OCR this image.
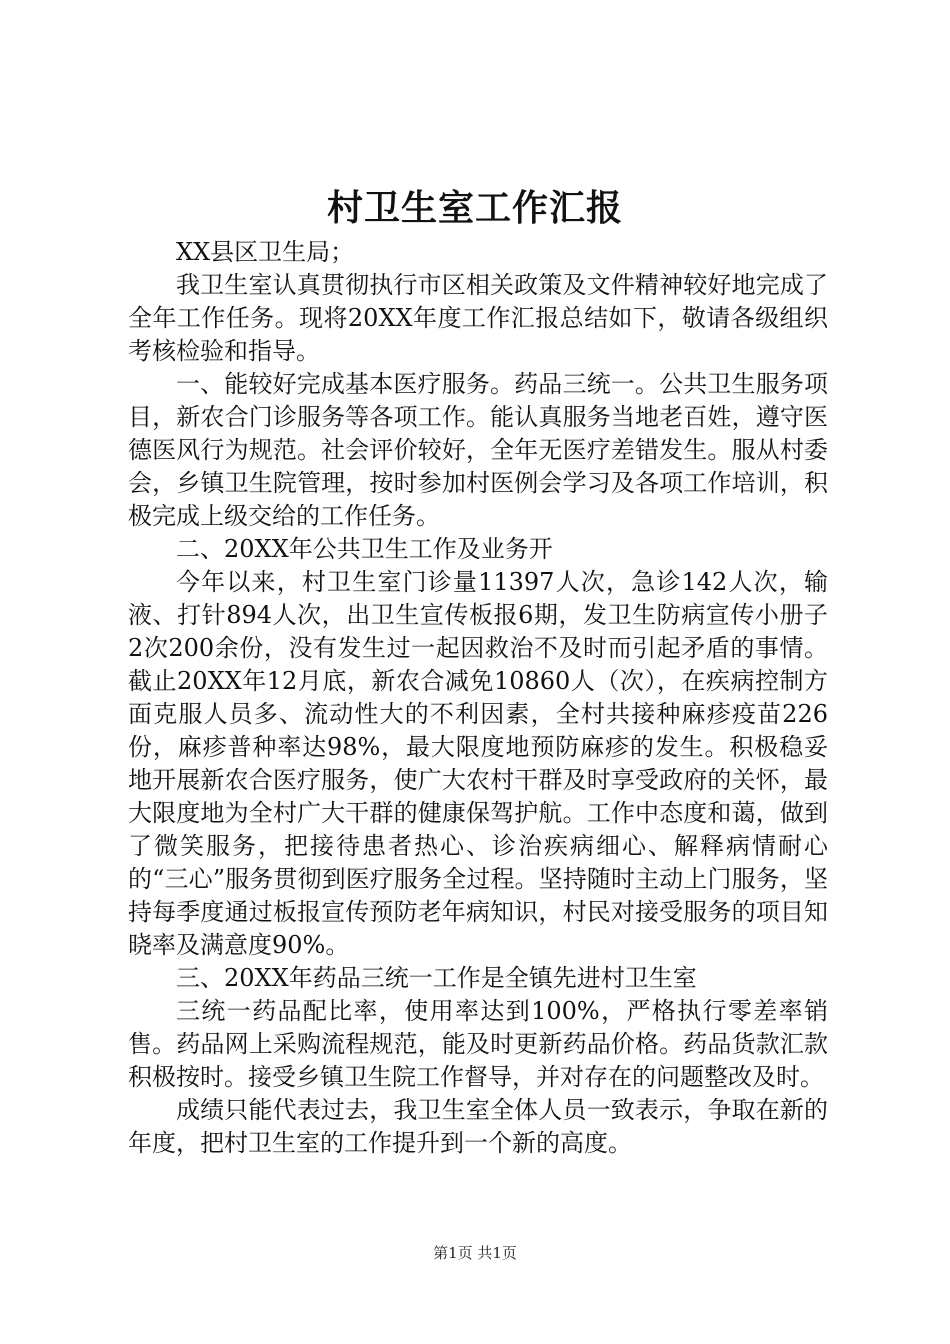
村卫生室工作汇报

XX县区卫生局；

我卫生室认真贯彻执行市区相关政策及文件精神较好地完成了全年工作任务。现将20XX年度工作汇报总结如下，敬请各级组织考核检验和指导。

一、能较好完成基本医疗服务。药品三统一。公共卫生服务项目，新农合门诊服务等各项工作。能认真服务当地老百姓，遵守医德医风行为规范。社会评价较好，全年无医疗差错发生。服从村委会，乡镇卫生院管理，按时参加村医例会学习及各项工作培训，积极完成上级交给的工作任务。

二、20XX年公共卫生工作及业务开

今年以来，村卫生室门诊量11397人次，急诊142人次，输液、打针894人次，出卫生宣传板报6期，发卫生防病宣传小册子2次200余份，没有发生过一起因救治不及时而引起矛盾的事情。截止20XX年12月底，新农合减免10860人（次），在疾病控制方面克服人员多、流动性大的不利因素，全村共接种麻疹疫苗226份，麻疹普种率达98%，最大限度地预防麻疹的发生。积极稳妥地开展新农合医疗服务，使广大农村干群及时享受政府的关怀，最大限度地为全村广大干群的健康保驾护航。工作中态度和蔼，做到了微笑服务，把接待患者热心、诊治疾病细心、解释病情耐心的“三心”服务贯彻到医疗服务全过程。坚持随时主动上门服务，坚持每季度通过板报宣传预防老年病知识，村民对接受服务的项目知晓率及满意度90%。

三、20XX年药品三统一工作是全镇先进村卫生室

三统一药品配比率，使用率达到100%，严格执行零差率销售。药品网上采购流程规范，能及时更新药品价格。药品货款汇款积极按时。接受乡镇卫生院工作督导，并对存在的问题整改及时。

成绩只能代表过去，我卫生室全体人员一致表示，争取在新的年度，把村卫生室的工作提升到一个新的高度。

第1页 共1页
